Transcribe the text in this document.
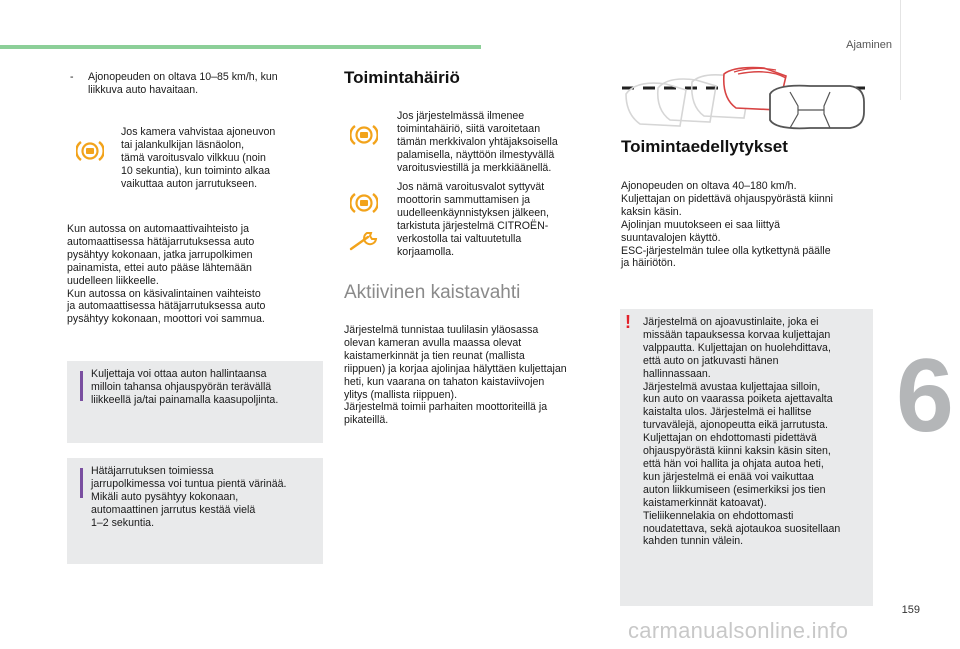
Ajaminen
6
159
- Ajonopeuden on oltava 10–85 km/h, kun
liikkuva auto havaitaan.
Jos kamera vahvistaa ajoneuvon
tai jalankulkijan läsnäolon,
tämä varoitusvalo vilkkuu (noin
10 sekuntia), kun toiminto alkaa
vaikuttaa auton jarrutukseen.
Kun autossa on automaattivaihteisto ja
automaattisessa hätäjarrutuksessa auto
pysähtyy kokonaan, jatka jarrupolkimen
painamista, ettei auto pääse lähtemään
uudelleen liikkeelle.
Kun autossa on käsivalintainen vaihteisto
ja automaattisessa hätäjarrutuksessa auto
pysähtyy kokonaan, moottori voi sammua.
Kuljettaja voi ottaa auton hallintaansa
milloin tahansa ohjauspyörän terävällä
liikkeellä ja/tai painamalla kaasupoljinta.
Hätäjarrutuksen toimiessa
jarrupolkimessa voi tuntua pientä värinää.
Mikäli auto pysähtyy kokonaan,
automaattinen jarrutus kestää vielä
1–2 sekuntia.
Toimintahäiriö
Jos järjestelmässä ilmenee
toimintahäiriö, siitä varoitetaan
tämän merkkivalon yhtäjaksoisella
palamisella, näyttöön ilmestyvällä
varoitusviestillä ja merkkiäänellä.
Jos nämä varoitusvalot syttyvät
moottorin sammuttamisen ja
uudelleenkäynnistyksen jälkeen,
tarkistuta järjestelmä CITROËN-
verkostolla tai valtuutetulla
korjaamolla.
Aktiivinen kaistavahti
Järjestelmä tunnistaa tuulilasin yläosassa
olevan kameran avulla maassa olevat
kaistamerkinnät ja tien reunat (mallista
riippuen) ja korjaa ajolinjaa hälyttäen kuljettajan
heti, kun vaarana on tahaton kaistaviivojen
ylitys (mallista riippuen).
Järjestelmä toimii parhaiten moottoriteillä ja
pikateillä.
Toimintaedellytykset
Ajonopeuden on oltava 40–180 km/h.
Kuljettajan on pidettävä ohjauspyörästä kiinni
kaksin käsin.
Ajolinjan muutokseen ei saa liittyä
suuntavalojen käyttö.
ESC-järjestelmän tulee olla kytkettynä päälle
ja häiriötön.
! Järjestelmä on ajoavustinlaite, joka ei
missään tapauksessa korvaa kuljettajan
valppautta. Kuljettajan on huolehdittava,
että auto on jatkuvasti hänen
hallinnassaan.
Järjestelmä avustaa kuljettajaa silloin,
kun auto on vaarassa poiketa ajettavalta
kaistalta ulos. Järjestelmä ei hallitse
turvavälejä, ajonopeutta eikä jarrutusta.
Kuljettajan on ehdottomasti pidettävä
ohjauspyörästä kiinni kaksin käsin siten,
että hän voi hallita ja ohjata autoa heti,
kun järjestelmä ei enää voi vaikuttaa
auton liikkumiseen (esimerkiksi jos tien
kaistamerkinnät katoavat).
Tieliikennelakia on ehdottomasti
noudatettava, sekä ajotaukoa suositellaan
kahden tunnin välein.
carmanualsonline.info
